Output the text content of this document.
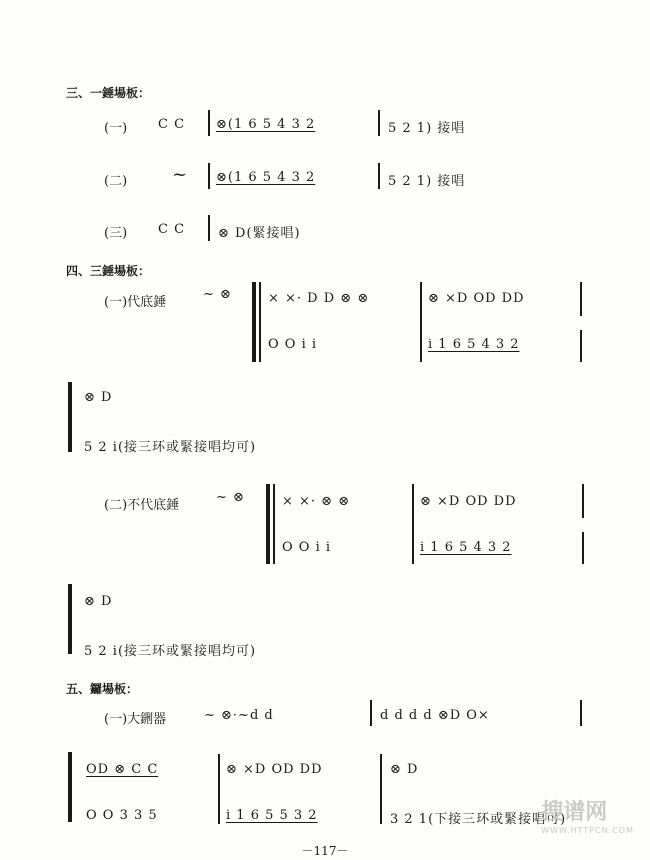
三、一錘場板：
(一) C C ⊗(1 6 5 4 3 2	5 2 1) 接唱
(二) ~ ⊗(1 6 5 4 3 2	5 2 1) 接唱
(三) C C	⊗ D(緊接唱)
四、三錘場板：
(一)代底錘
~ ⊗	× ×· D D ⊗ ⊗	⊗ ×D OD DD
O O i i	i 1 6 5 4 3 2
⊗ D
5 2 i(接三环或緊接唱均可)
(二)不代底錘
~ ⊗	× ×· ⊗ ⊗	⊗ ×D OD DD
O O i i	i 1 6 5 4 3 2
⊗ D
5 2 i(接三环或緊接唱均可)
五、鑼場板：
(一)大鉶器	~ ⊗·~d d	d d d d ⊗D O×
OD ⊗ C C	⊗ ×D OD DD	⊗ D
O O 3 3 5	i 1 6 5 5 3 2	3 2 1(下接三环或緊接唱可)
搜谱网
WWW.HTTPCN.COM
－117－
